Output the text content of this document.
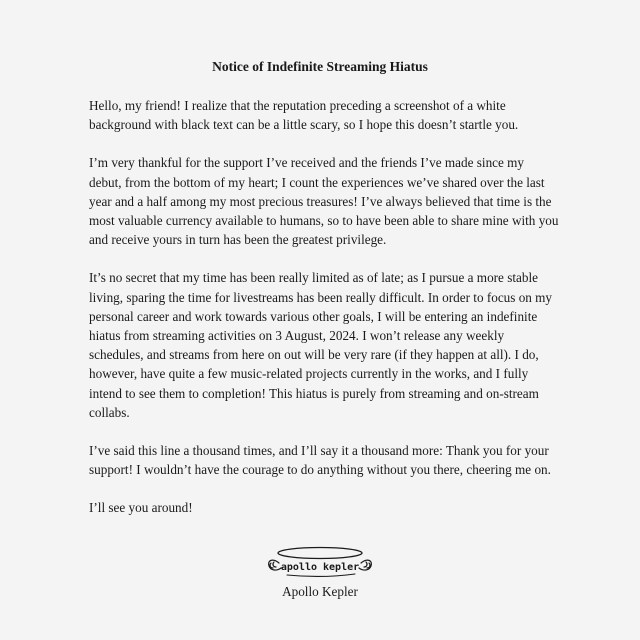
Notice of Indefinite Streaming Hiatus

Hello, my friend! I realize that the reputation preceding a screenshot of a white background with black text can be a little scary, so I hope this doesn’t startle you.

I’m very thankful for the support I’ve received and the friends I’ve made since my debut, from the bottom of my heart; I count the experiences we’ve shared over the last year and a half among my most precious treasures! I’ve always believed that time is the most valuable currency available to humans, so to have been able to share mine with you and receive yours in turn has been the greatest privilege.

It’s no secret that my time has been really limited as of late; as I pursue a more stable living, sparing the time for livestreams has been really difficult. In order to focus on my personal career and work towards various other goals, I will be entering an indefinite hiatus from streaming activities on 3 August, 2024. I won’t release any weekly schedules, and streams from here on out will be very rare (if they happen at all). I do, however, have quite a few music-related projects currently in the works, and I fully intend to see them to completion! This hiatus is purely from streaming and on-stream collabs.

I’ve said this line a thousand times, and I’ll say it a thousand more: Thank you for your support! I wouldn’t have the courage to do anything without you there, cheering me on.

I’ll see you around!

apollo kepler
Apollo Kepler
